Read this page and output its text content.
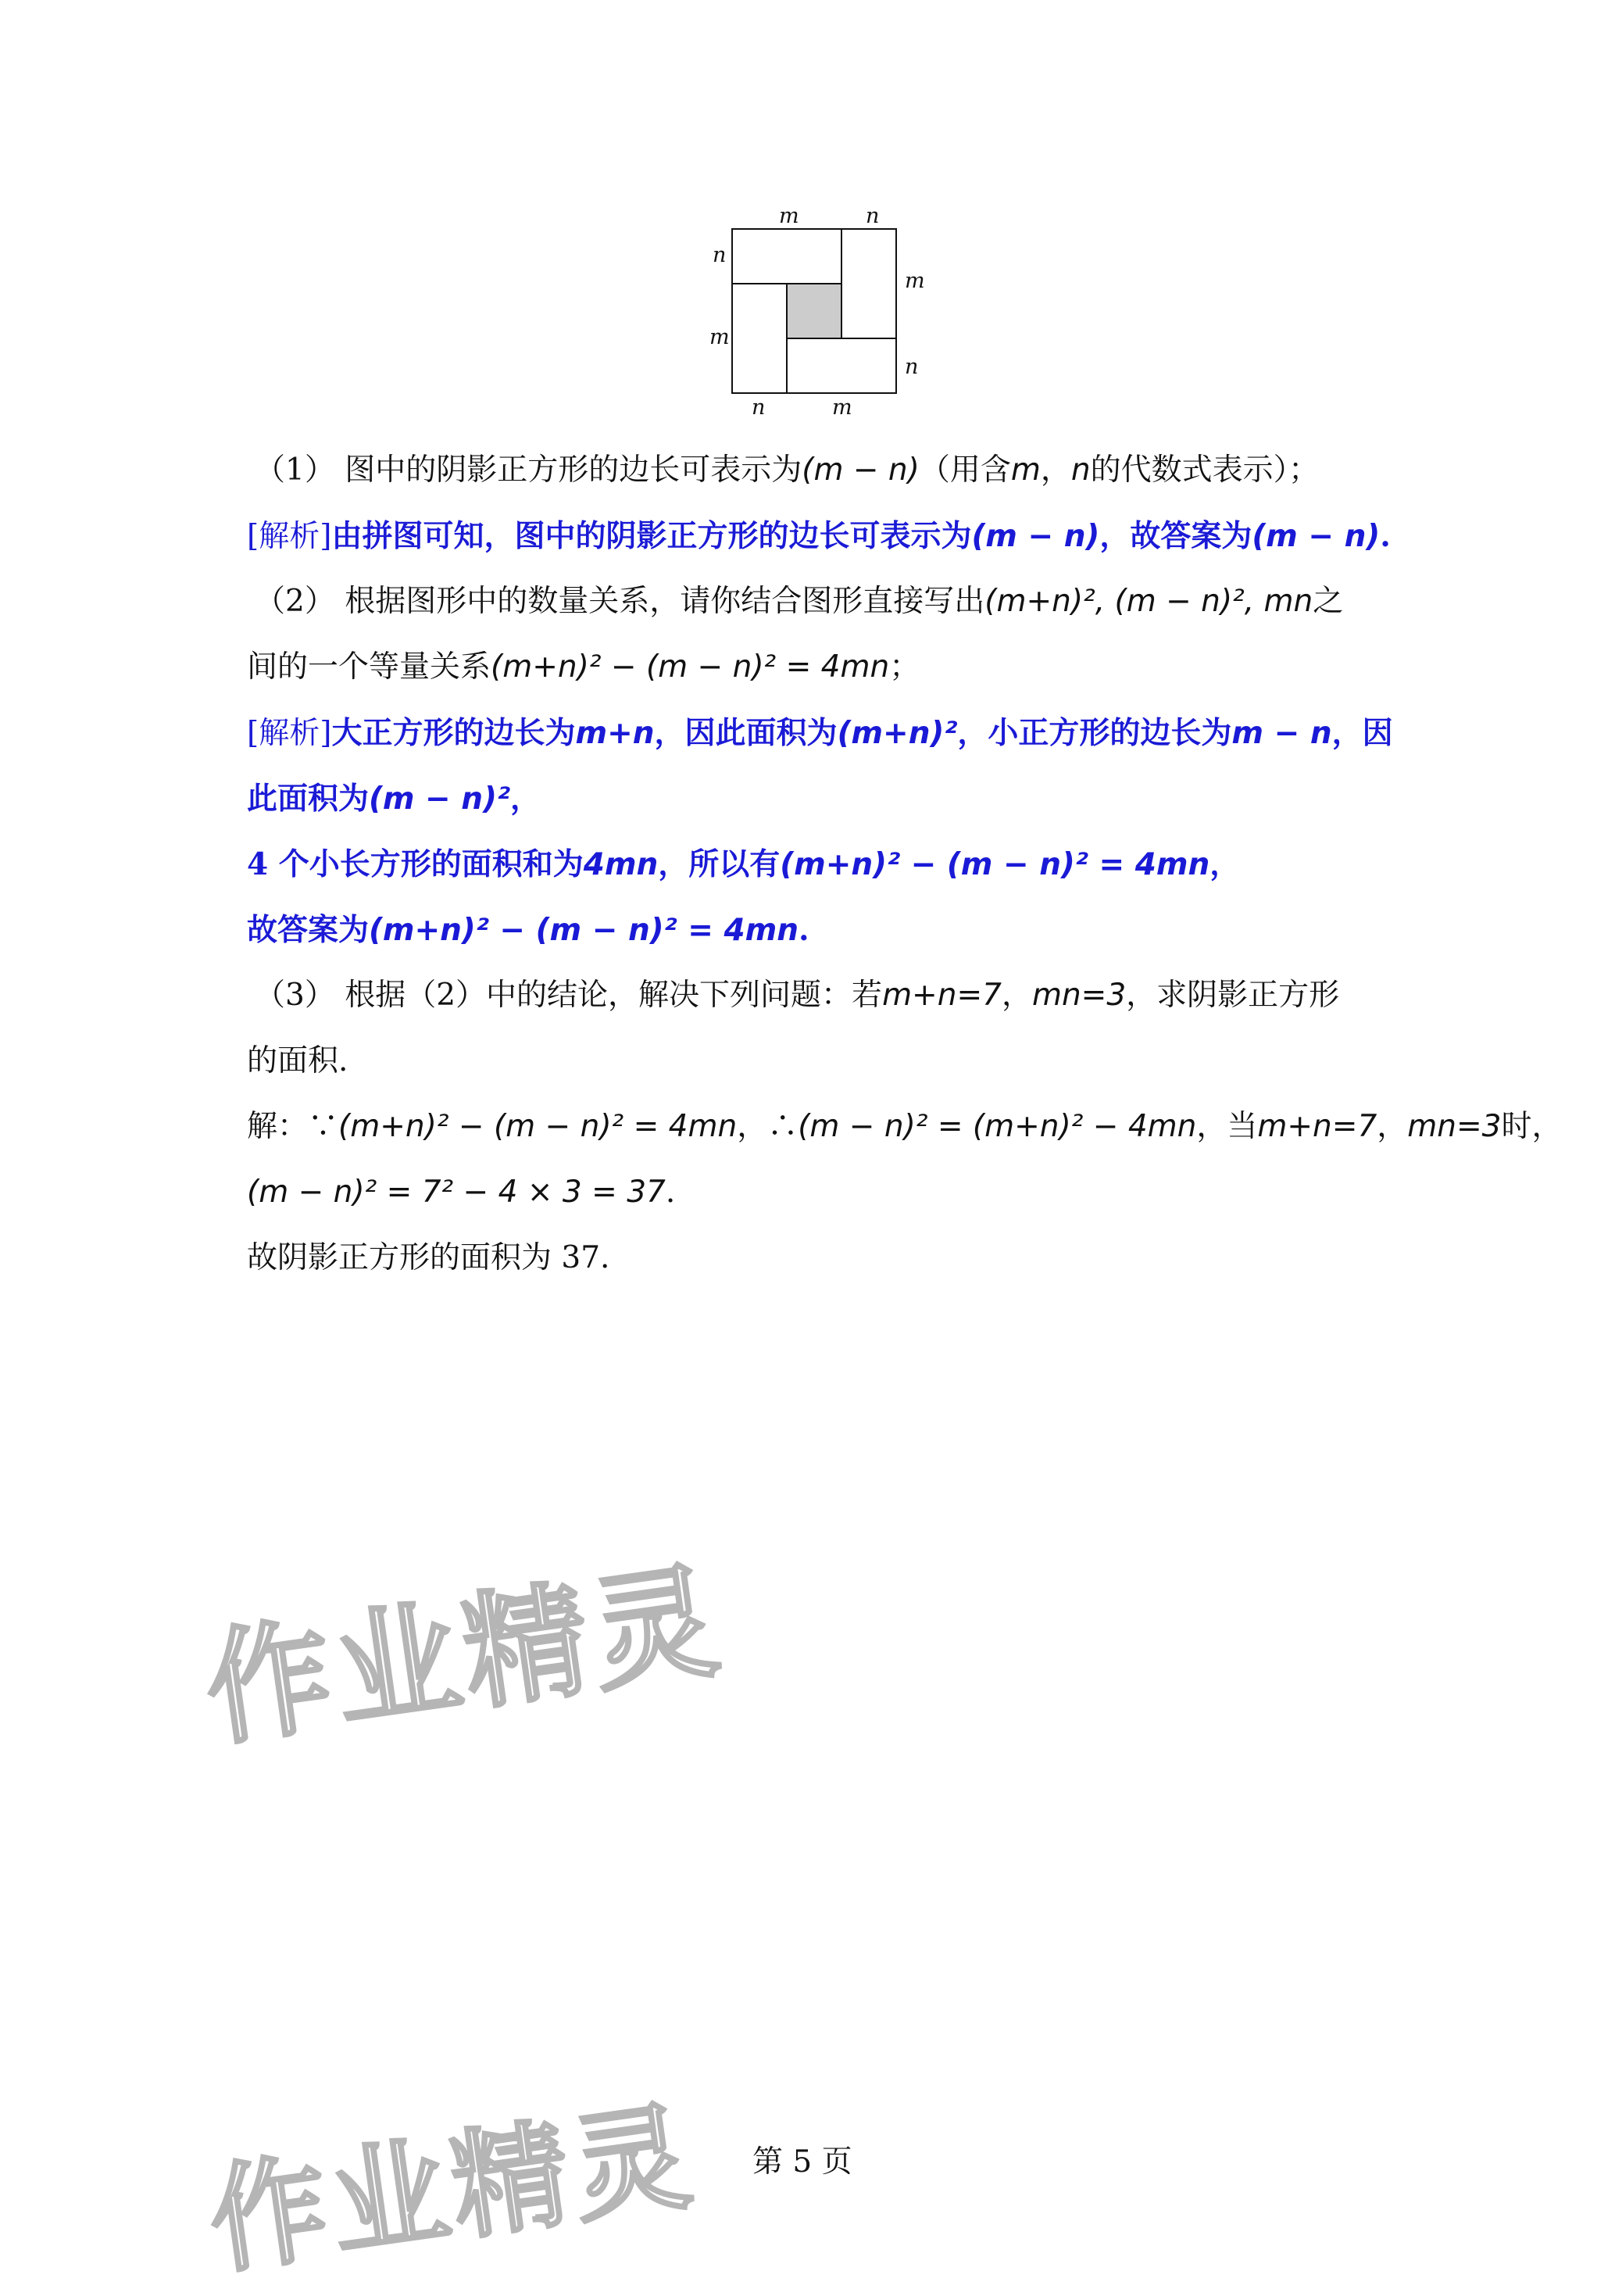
m	n
n
m
m
n
n	m
（1） 图中的阴影正方形的边长可表示为(m − n)（用含m，n的代数式表示）；
[解析]由拼图可知，图中的阴影正方形的边长可表示为(m − n)，故答案为(m − n).
（2） 根据图形中的数量关系，请你结合图形直接写出(m+n)², (m − n)², mn之
间的一个等量关系(m+n)² − (m − n)² = 4mn；
[解析]大正方形的边长为m+n，因此面积为(m+n)²，小正方形的边长为m − n，因
此面积为(m − n)²，
4 个小长方形的面积和为4mn，所以有(m+n)² − (m − n)² = 4mn，
故答案为(m+n)² − (m − n)² = 4mn.
（3） 根据（2）中的结论，解决下列问题：若m+n=7，mn=3，求阴影正方形
的面积.
解：∵(m+n)² − (m − n)² = 4mn，∴(m − n)² = (m+n)² − 4mn，当m+n=7，mn=3时，
(m − n)² = 7² − 4 × 3 = 37.
故阴影正方形的面积为 37.
作业精灵
作业精灵 第 5 页
